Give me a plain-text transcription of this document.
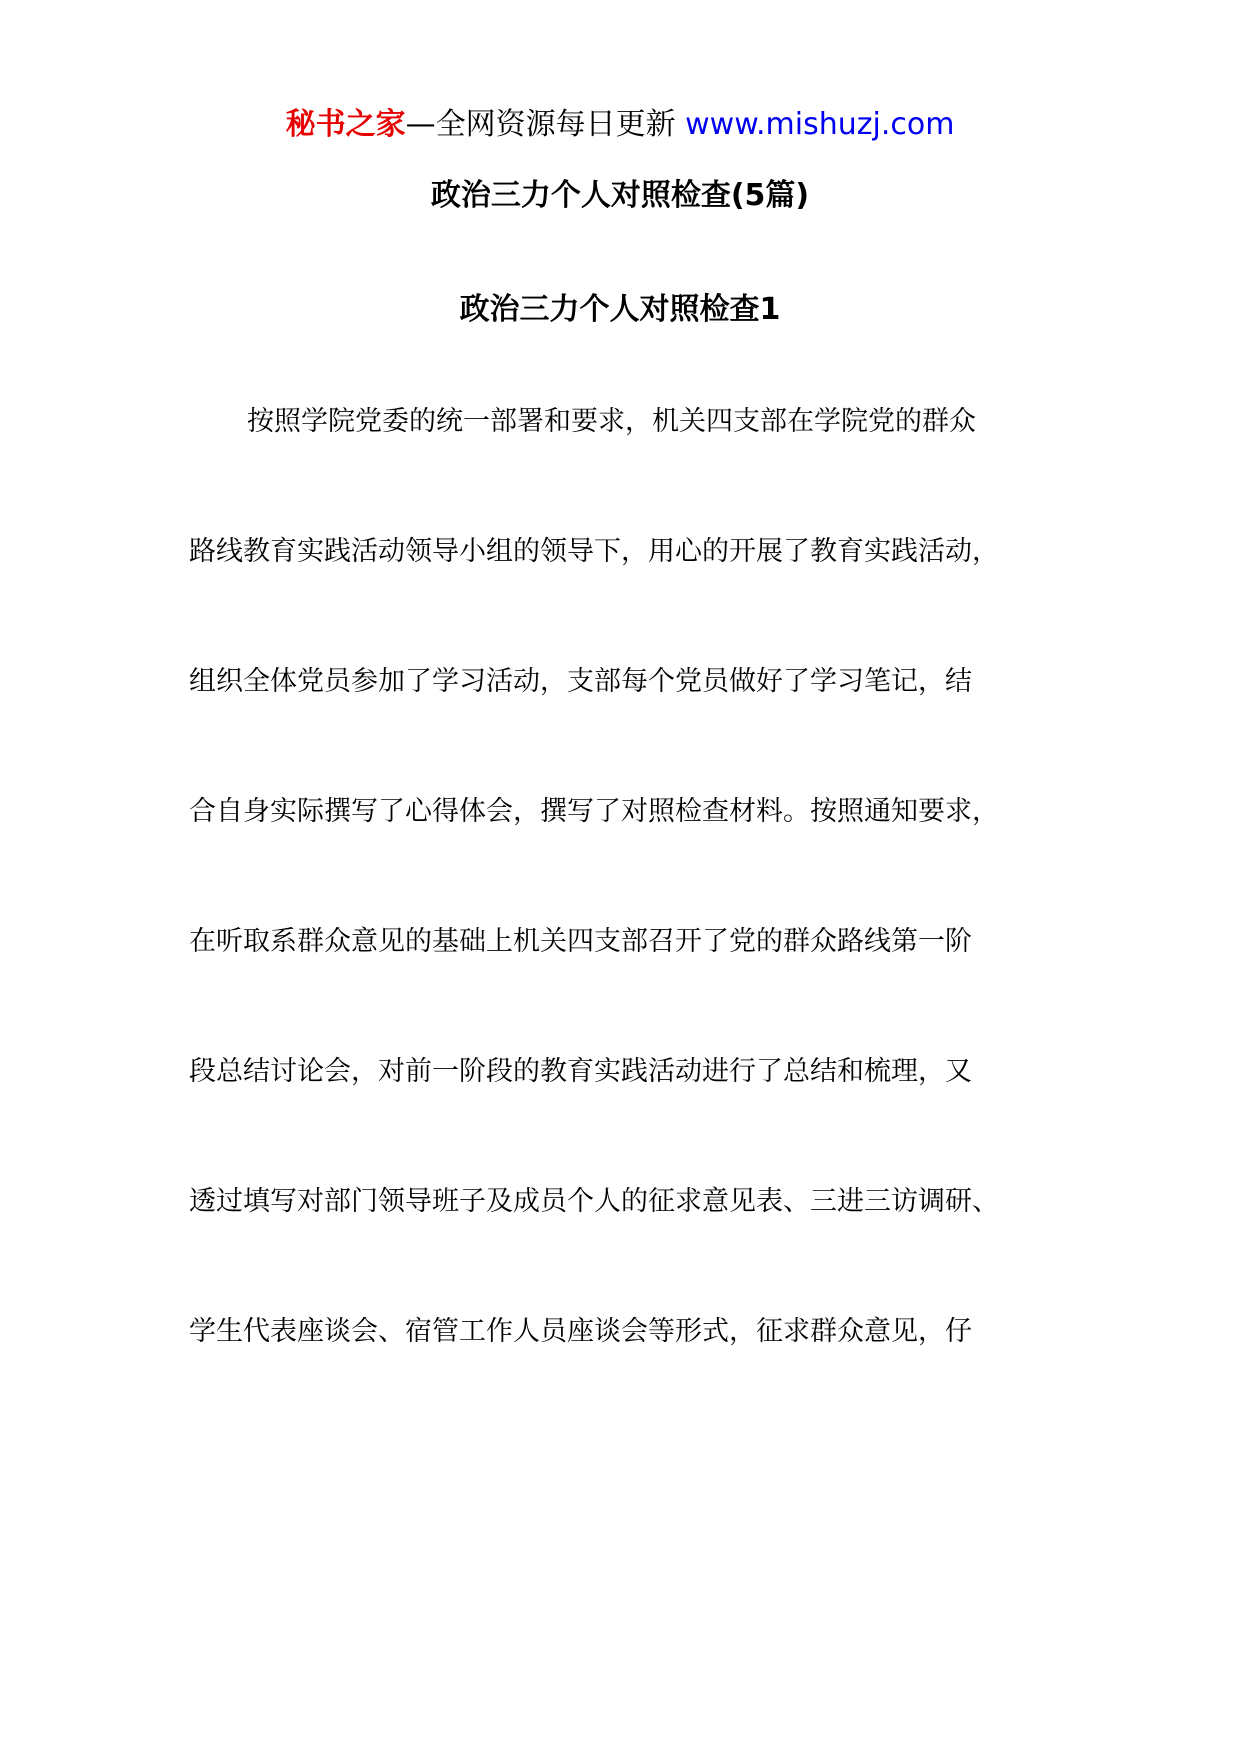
秘书之家—全网资源每日更新 www.mishuzj.com
政治三力个人对照检查(5篇)
政治三力个人对照检查1
按照学院党委的统一部署和要求，机关四支部在学院党的群众
路线教育实践活动领导小组的领导下，用心的开展了教育实践活动，
组织全体党员参加了学习活动，支部每个党员做好了学习笔记，结
合自身实际撰写了心得体会，撰写了对照检查材料。按照通知要求，
在听取系群众意见的基础上机关四支部召开了党的群众路线第一阶
段总结讨论会，对前一阶段的教育实践活动进行了总结和梳理，又
透过填写对部门领导班子及成员个人的征求意见表、三进三访调研、
学生代表座谈会、宿管工作人员座谈会等形式，征求群众意见，仔
